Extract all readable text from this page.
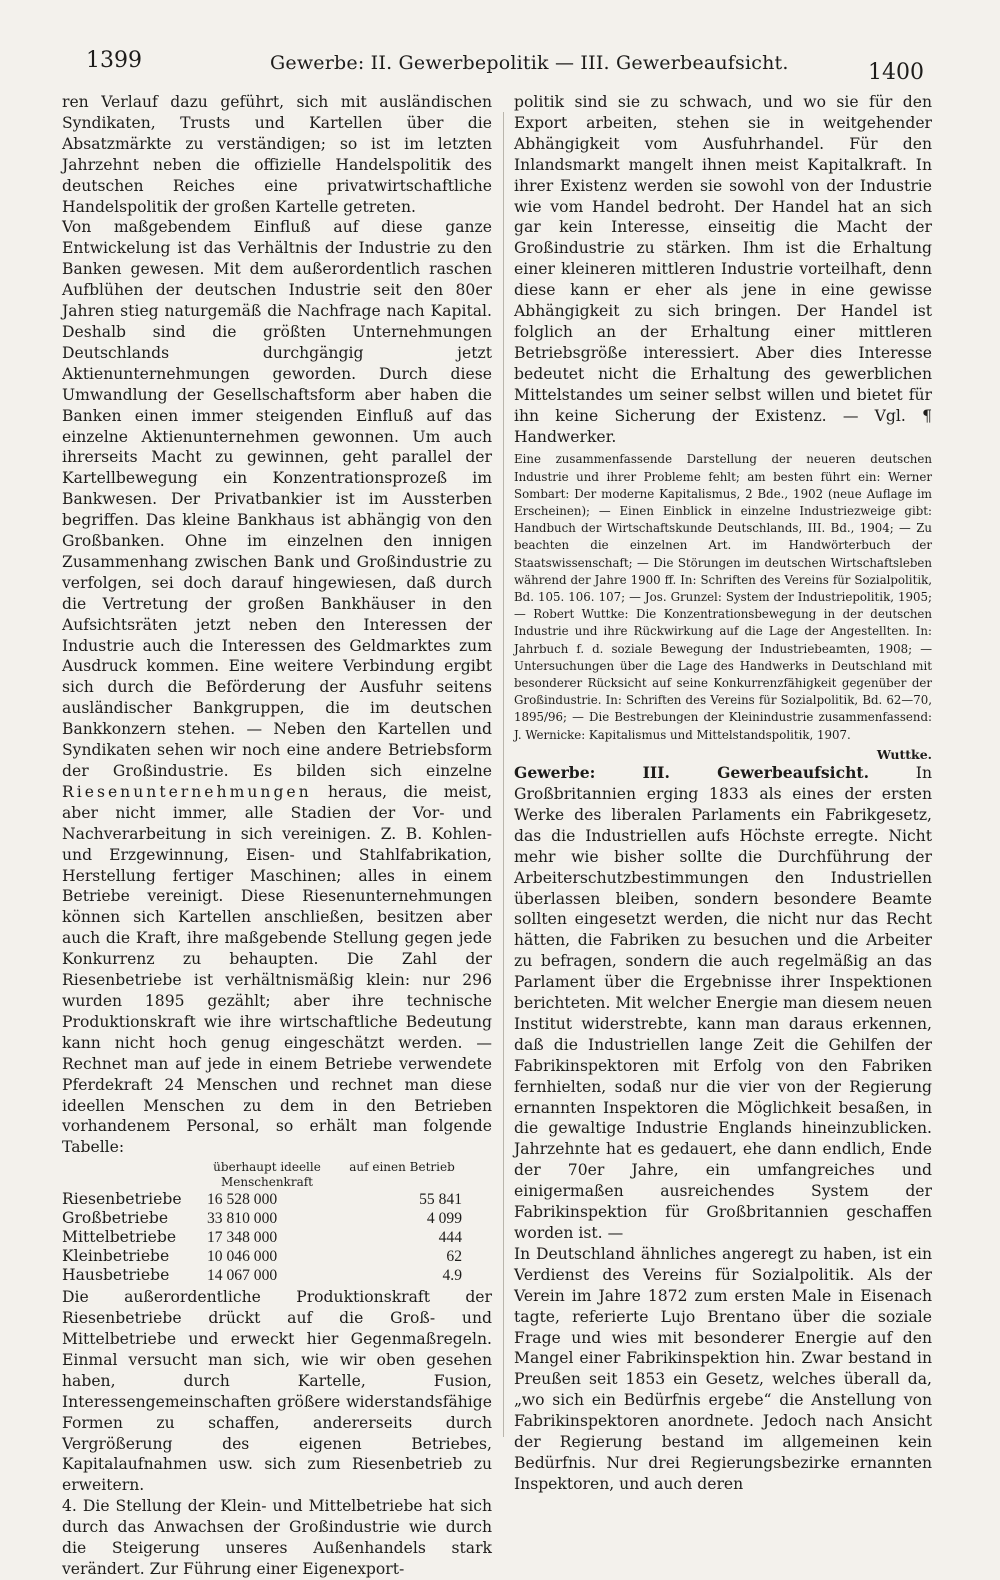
1399	Gewerbe: II. Gewerbepolitik — III. Gewerbeaufsicht.	1400

ren Verlauf dazu geführt, sich mit ausländischen Syndikaten, Trusts und Kartellen über die Absatzmärkte zu verständigen; so ist im letzten Jahrzehnt neben die offizielle Handelspolitik des deutschen Reiches eine privatwirtschaftliche Handelspolitik der großen Kartelle getreten.

Von maßgebendem Einfluß auf diese ganze Entwickelung ist das Verhältnis der Industrie zu den Banken gewesen. Mit dem außerordentlich raschen Aufblühen der deutschen Industrie seit den 80er Jahren stieg naturgemäß die Nachfrage nach Kapital. Deshalb sind die größten Unternehmungen Deutschlands durchgängig jetzt Aktienunternehmungen geworden. Durch diese Umwandlung der Gesellschaftsform aber haben die Banken einen immer steigenden Einfluß auf das einzelne Aktienunternehmen gewonnen. Um auch ihrerseits Macht zu gewinnen, geht parallel der Kartellbewegung ein Konzentrationsprozeß im Bankwesen. Der Privatbankier ist im Aussterben begriffen. Das kleine Bankhaus ist abhängig von den Großbanken. Ohne im einzelnen den innigen Zusammenhang zwischen Bank und Großindustrie zu verfolgen, sei doch darauf hingewiesen, daß durch die Vertretung der großen Bankhäuser in den Aufsichtsräten jetzt neben den Interessen der Industrie auch die Interessen des Geldmarktes zum Ausdruck kommen. Eine weitere Verbindung ergibt sich durch die Beförderung der Ausfuhr seitens ausländischer Bankgruppen, die im deutschen Bankkonzern stehen. — Neben den Kartellen und Syndikaten sehen wir noch eine andere Betriebsform der Großindustrie. Es bilden sich einzelne Riesenunternehmungen heraus, die meist, aber nicht immer, alle Stadien der Vor- und Nachverarbeitung in sich vereinigen. Z. B. Kohlen- und Erzgewinnung, Eisen- und Stahlfabrikation, Herstellung fertiger Maschinen; alles in einem Betriebe vereinigt. Diese Riesenunternehmungen können sich Kartellen anschließen, besitzen aber auch die Kraft, ihre maßgebende Stellung gegen jede Konkurrenz zu behaupten. Die Zahl der Riesenbetriebe ist verhältnismäßig klein: nur 296 wurden 1895 gezählt; aber ihre technische Produktionskraft wie ihre wirtschaftliche Bedeutung kann nicht hoch genug eingeschätzt werden. — Rechnet man auf jede in einem Betriebe verwendete Pferdekraft 24 Menschen und rechnet man diese ideellen Menschen zu dem in den Betrieben vorhandenem Personal, so erhält man folgende Tabelle:

überhaupt ideelle Menschenkraft
auf einen Betrieb
Riesenbetriebe	16 528 000	55 841
Großbetriebe	33 810 000	4 099
Mittelbetriebe	17 348 000	444
Kleinbetriebe	10 046 000	62
Hausbetriebe	14 067 000	4.9

Die außerordentliche Produktionskraft der Riesenbetriebe drückt auf die Groß- und Mittelbetriebe und erweckt hier Gegenmaßregeln. Einmal versucht man sich, wie wir oben gesehen haben, durch Kartelle, Fusion, Interessengemeinschaften größere widerstandsfähige Formen zu schaffen, andererseits durch Vergrößerung des eigenen Betriebes, Kapitalaufnahmen usw. sich zum Riesenbetrieb zu erweitern.

4. Die Stellung der Klein- und Mittelbetriebe hat sich durch das Anwachsen der Großindustrie wie durch die Steigerung unseres Außenhandels stark verändert. Zur Führung einer Eigenexport-

politik sind sie zu schwach, und wo sie für den Export arbeiten, stehen sie in weitgehender Abhängigkeit vom Ausfuhrhandel. Für den Inlandsmarkt mangelt ihnen meist Kapitalkraft. In ihrer Existenz werden sie sowohl von der Industrie wie vom Handel bedroht. Der Handel hat an sich gar kein Interesse, einseitig die Macht der Großindustrie zu stärken. Ihm ist die Erhaltung einer kleineren mittleren Industrie vorteilhaft, denn diese kann er eher als jene in eine gewisse Abhängigkeit zu sich bringen. Der Handel ist folglich an der Erhaltung einer mittleren Betriebsgröße interessiert. Aber dies Interesse bedeutet nicht die Erhaltung des gewerblichen Mittelstandes um seiner selbst willen und bietet für ihn keine Sicherung der Existenz. — Vgl. ¶ Handwerker.

Eine zusammenfassende Darstellung der neueren deutschen Industrie und ihrer Probleme fehlt; am besten führt ein: Werner Sombart: Der moderne Kapitalismus, 2 Bde., 1902 (neue Auflage im Erscheinen); — Einen Einblick in einzelne Industriezweige gibt: Handbuch der Wirtschaftskunde Deutschlands, III. Bd., 1904; — Zu beachten die einzelnen Art. im Handwörterbuch der Staatswissenschaft; — Die Störungen im deutschen Wirtschaftsleben während der Jahre 1900 ff. In: Schriften des Vereins für Sozialpolitik, Bd. 105. 106. 107; — Jos. Grunzel: System der Industriepolitik, 1905; — Robert Wuttke: Die Konzentrationsbewegung in der deutschen Industrie und ihre Rückwirkung auf die Lage der Angestellten. In: Jahrbuch f. d. soziale Bewegung der Industriebeamten, 1908; — Untersuchungen über die Lage des Handwerks in Deutschland mit besonderer Rücksicht auf seine Konkurrenzfähigkeit gegenüber der Großindustrie. In: Schriften des Vereins für Sozialpolitik, Bd. 62—70, 1895/96; — Die Bestrebungen der Kleinindustrie zusammenfassend: J. Wernicke: Kapitalismus und Mittelstandspolitik, 1907.

Wuttke.

Gewerbe: III. Gewerbeaufsicht.	In Großbritannien erging 1833 als eines der ersten Werke des liberalen Parlaments ein Fabrikgesetz, das die Industriellen aufs Höchste erregte. Nicht mehr wie bisher sollte die Durchführung der Arbeiterschutzbestimmungen den Industriellen überlassen bleiben, sondern besondere Beamte sollten eingesetzt werden, die nicht nur das Recht hätten, die Fabriken zu besuchen und die Arbeiter zu befragen, sondern die auch regelmäßig an das Parlament über die Ergebnisse ihrer Inspektionen berichteten. Mit welcher Energie man diesem neuen Institut widerstrebte, kann man daraus erkennen, daß die Industriellen lange Zeit die Gehilfen der Fabrikinspektoren mit Erfolg von den Fabriken fernhielten, sodaß nur die vier von der Regierung ernannten Inspektoren die Möglichkeit besaßen, in die gewaltige Industrie Englands hineinzublicken. Jahrzehnte hat es gedauert, ehe dann endlich, Ende der 70er Jahre, ein umfangreiches und einigermaßen ausreichendes System der Fabrikinspektion für Großbritannien geschaffen worden ist. —

In Deutschland ähnliches angeregt zu haben, ist ein Verdienst des Vereins für Sozialpolitik. Als der Verein im Jahre 1872 zum ersten Male in Eisenach tagte, referierte Lujo Brentano über die soziale Frage und wies mit besonderer Energie auf den Mangel einer Fabrikinspektion hin. Zwar bestand in Preußen seit 1853 ein Gesetz, welches überall da, „wo sich ein Bedürfnis ergebe“ die Anstellung von Fabrikinspektoren anordnete. Jedoch nach Ansicht der Regierung bestand im allgemeinen kein Bedürfnis. Nur drei Regierungsbezirke ernannten Inspektoren, und auch deren
